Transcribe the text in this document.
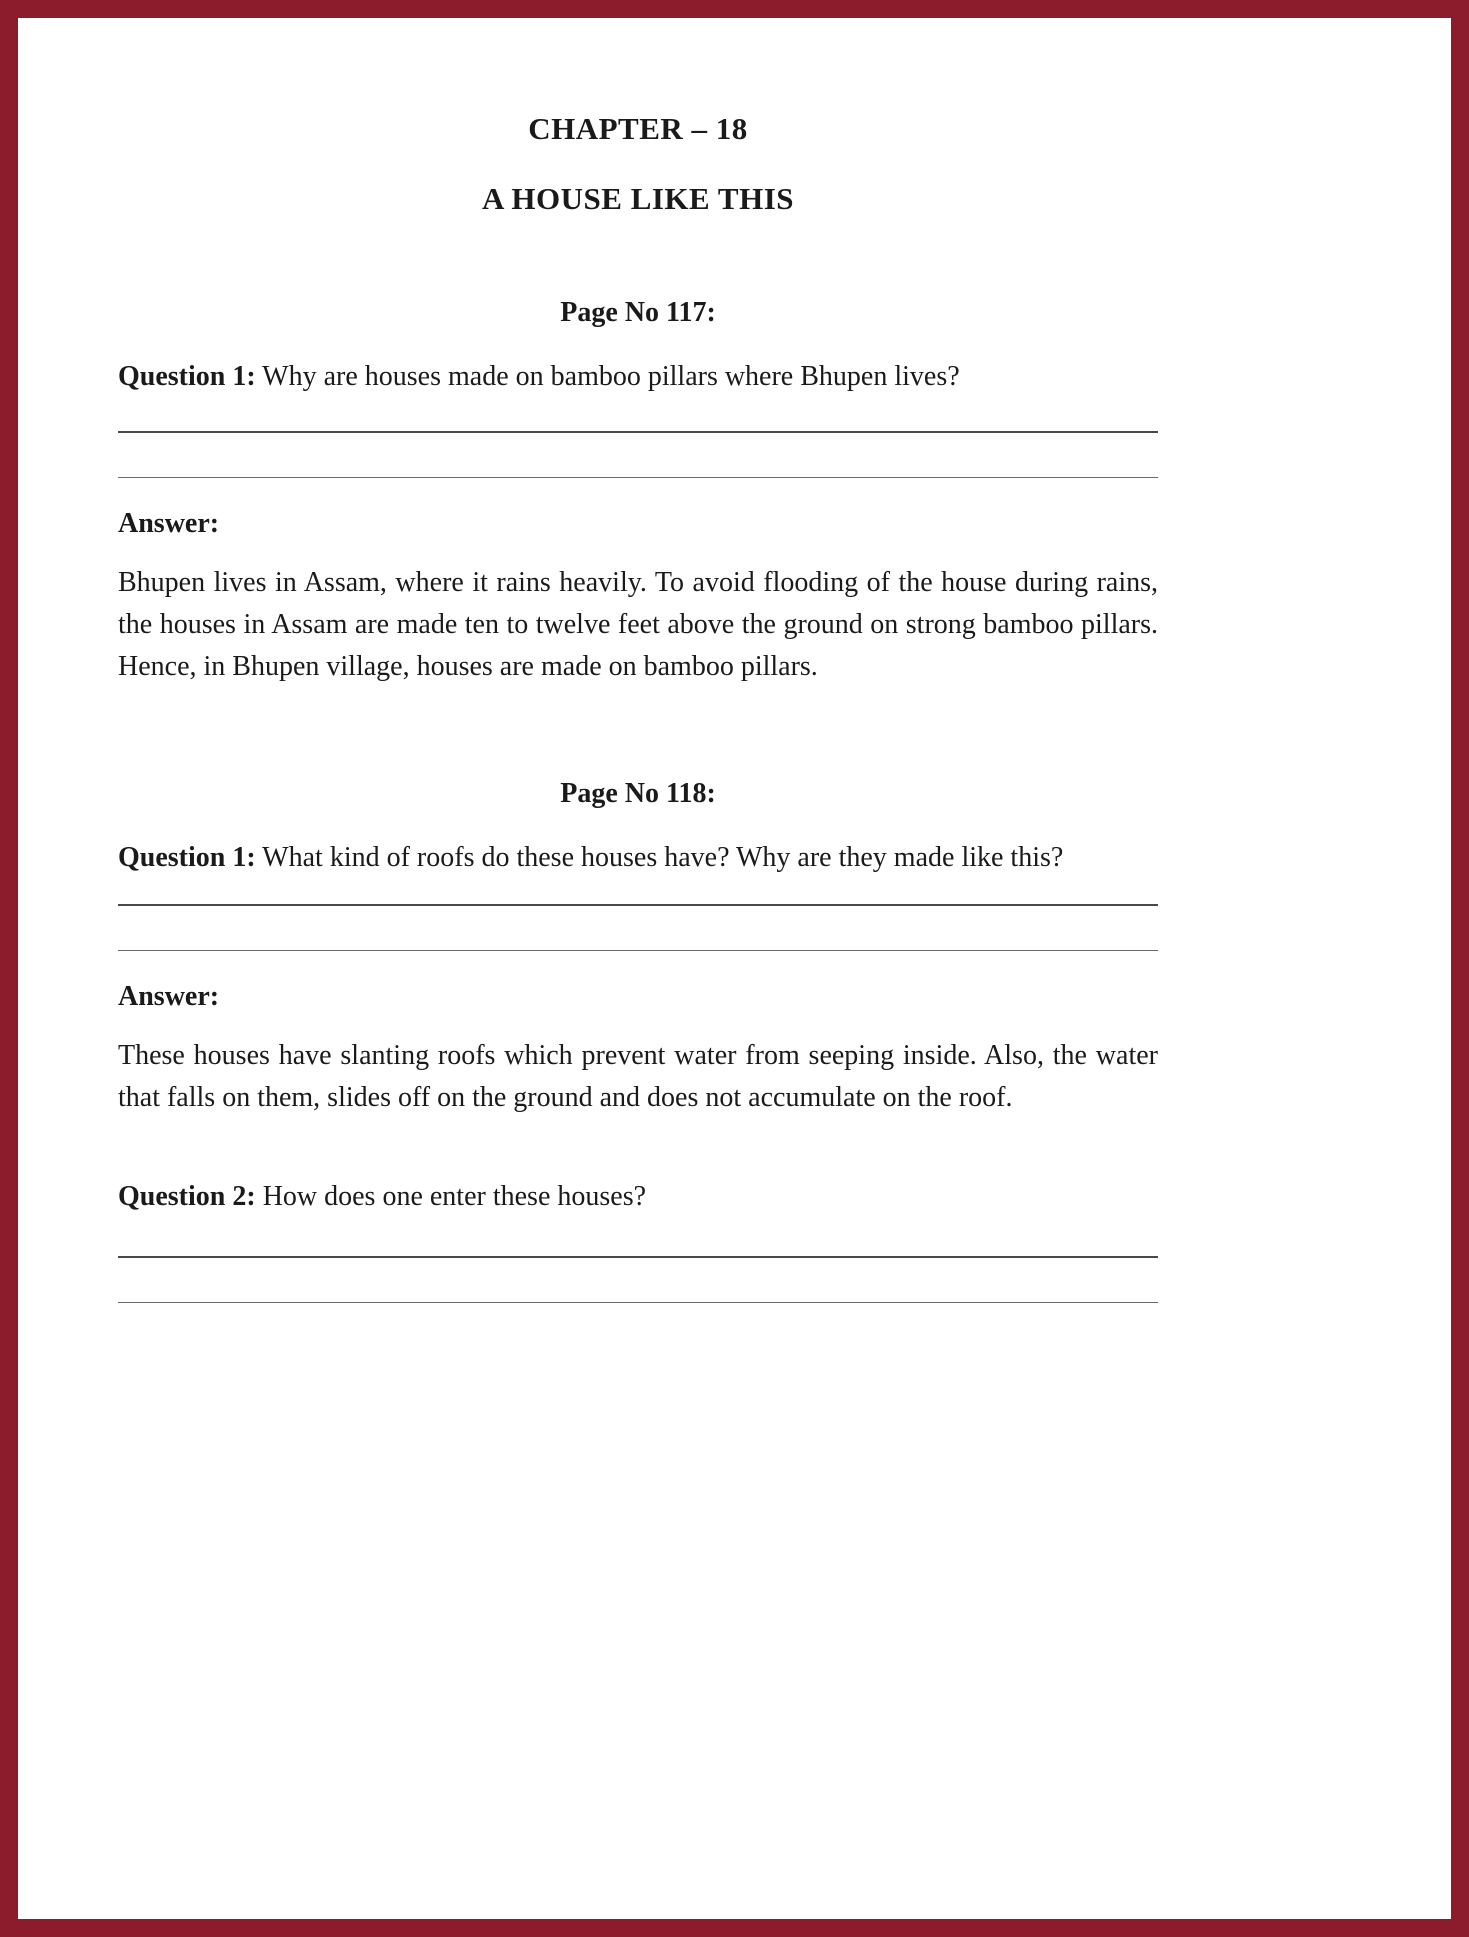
CHAPTER – 18
A HOUSE LIKE THIS
Page No 117:
Question 1: Why are houses made on bamboo pillars where Bhupen lives?
Answer:
Bhupen lives in Assam, where it rains heavily. To avoid flooding of the house during rains, the houses in Assam are made ten to twelve feet above the ground on strong bamboo pillars. Hence, in Bhupen village, houses are made on bamboo pillars.
Page No 118:
Question 1: What kind of roofs do these houses have? Why are they made like this?
Answer:
These houses have slanting roofs which prevent water from seeping inside. Also, the water that falls on them, slides off on the ground and does not accumulate on the roof.
Question 2: How does one enter these houses?
